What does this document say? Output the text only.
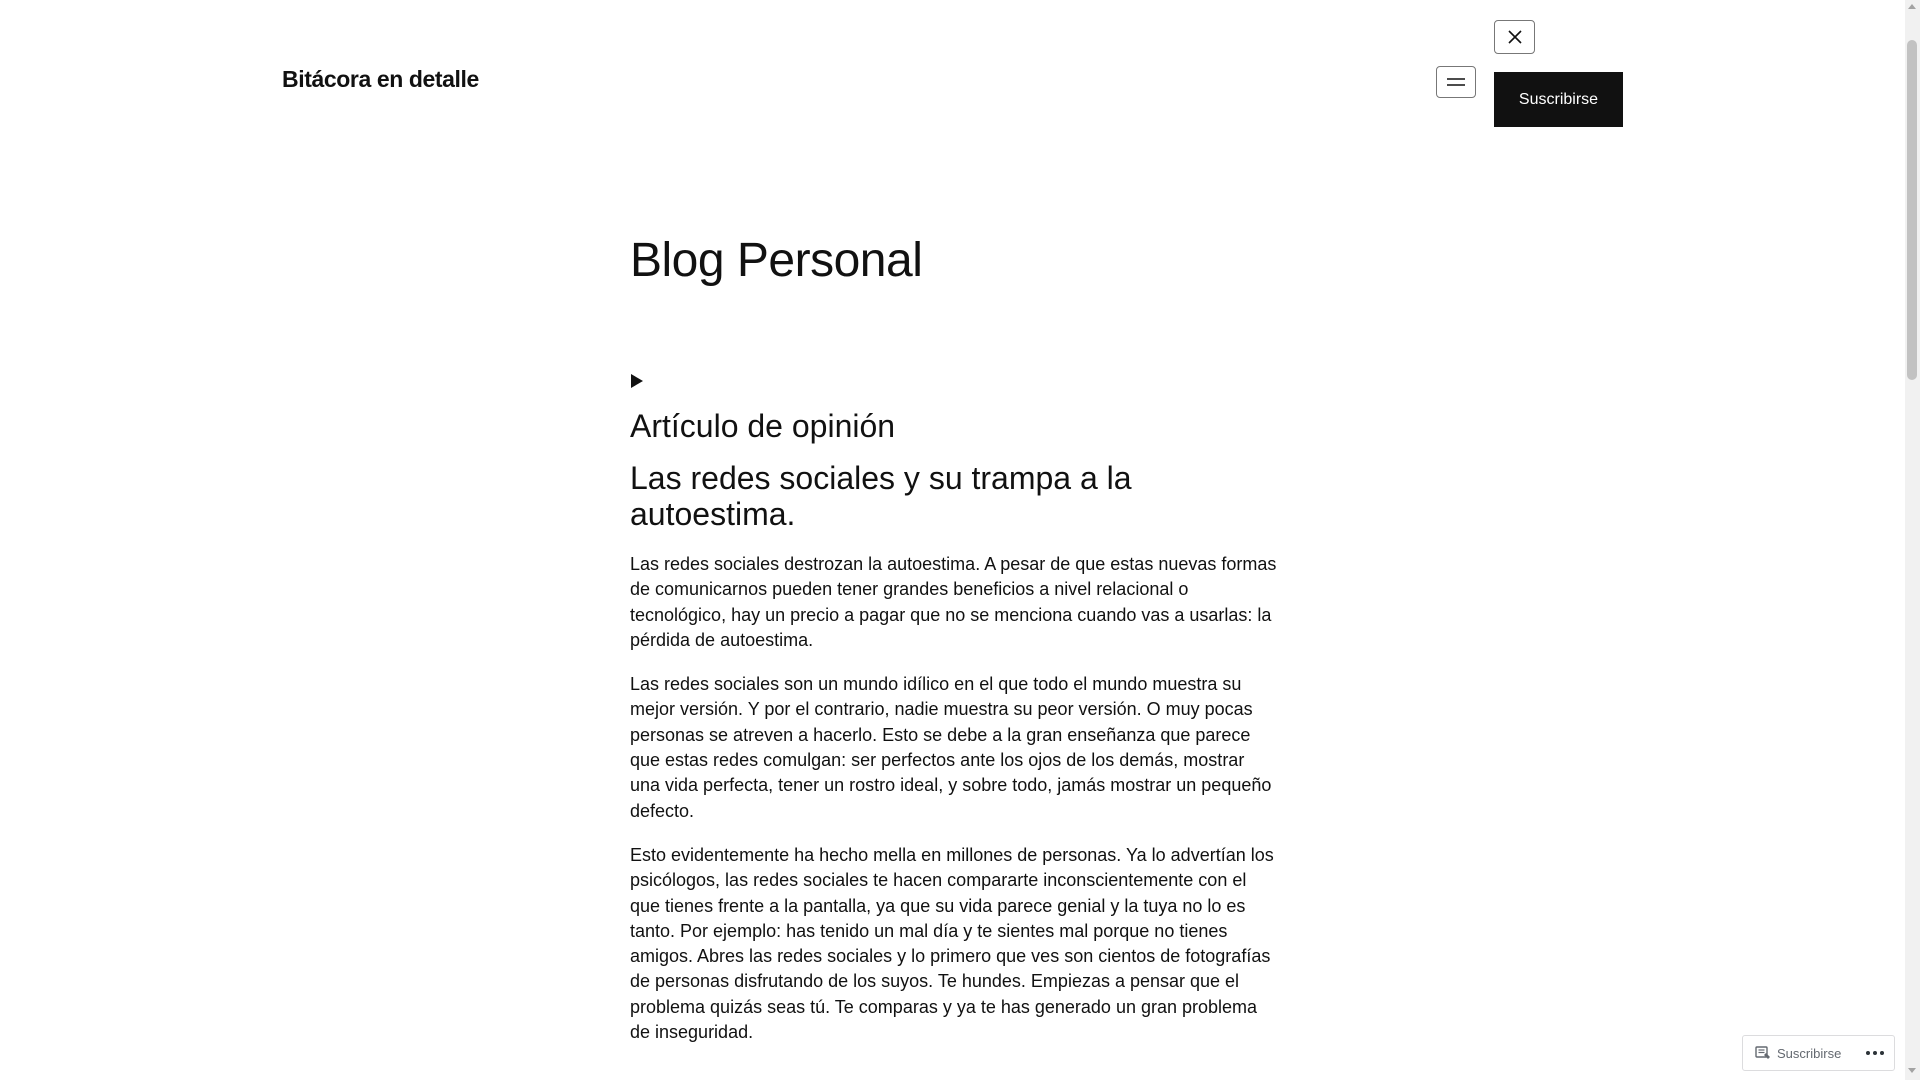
Bitácora en detalle
Suscribirse
Blog Personal
Artículo de opinión
Las redes sociales y su trampa a la autoestima.

Las redes sociales destrozan la autoestima. A pesar de que estas nuevas formas de comunicarnos pueden tener grandes beneficios a nivel relacional o tecnológico, hay un precio a pagar que no se menciona cuando vas a usarlas: la pérdida de autoestima.

Las redes sociales son un mundo idílico en el que todo el mundo muestra su mejor versión. Y por el contrario, nadie muestra su peor versión. O muy pocas personas se atreven a hacerlo. Esto se debe a la gran enseñanza que parece que estas redes comulgan: ser perfectos ante los ojos de los demás, mostrar una vida perfecta, tener un rostro ideal, y sobre todo, jamás mostrar un pequeño defecto.

Esto evidentemente ha hecho mella en millones de personas. Ya lo advertían los psicólogos, las redes sociales te hacen compararte inconscientemente con el que tienes frente a la pantalla, ya que su vida parece genial y la tuya no lo es tanto. Por ejemplo: has tenido un mal día y te sientes mal porque no tienes amigos. Abres las redes sociales y lo primero que ves son cientos de fotografías de personas disfrutando de los suyos. Te hundes. Empiezas a pensar que el problema quizás seas tú. Te comparas y ya te has generado un gran problema de inseguridad.

Suscribirse
